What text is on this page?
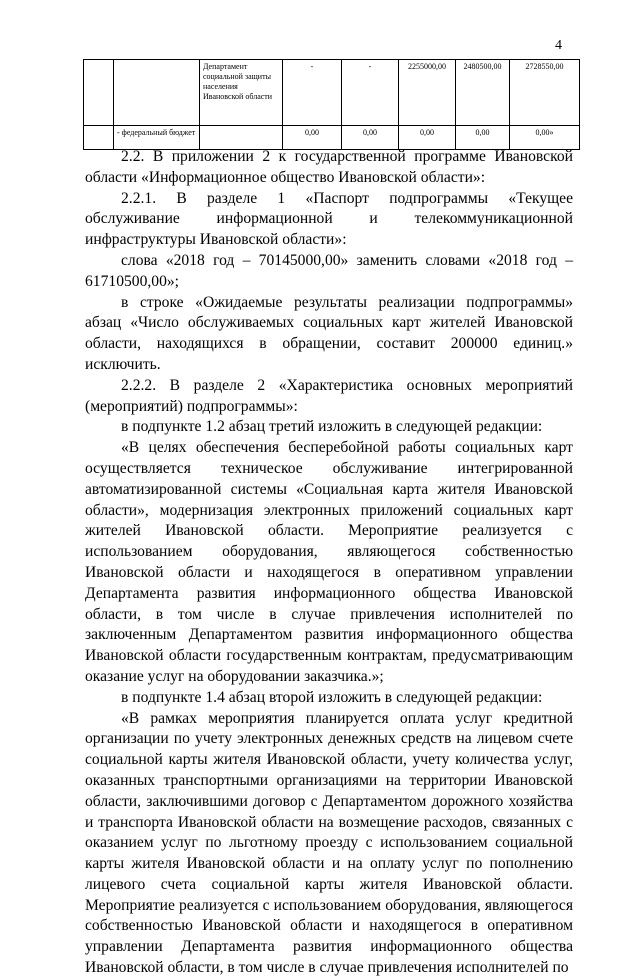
4
		Департамент социальной защиты населения Ивановской области	-	-	2255000,00	2480500,00	2728550,00
	- федеральный бюджет		0,00	0,00	0,00	0,00	0,00»

2.2. В приложении 2 к государственной программе Ивановской области «Информационное общество Ивановской области»:

2.2.1. В разделе 1 «Паспорт подпрограммы «Текущее обслуживание информационной и телекоммуникационной инфраструктуры Ивановской области»:

слова «2018 год – 70145000,00» заменить словами «2018 год – 61710500,00»;

в строке «Ожидаемые результаты реализации подпрограммы» абзац «Число обслуживаемых социальных карт жителей Ивановской области, находящихся в обращении, составит 200000 единиц.» исключить.

2.2.2. В разделе 2 «Характеристика основных мероприятий (мероприятий) подпрограммы»:

в подпункте 1.2 абзац третий изложить в следующей редакции:

«В целях обеспечения бесперебойной работы социальных карт осуществляется техническое обслуживание интегрированной автоматизированной системы «Социальная карта жителя Ивановской области», модернизация электронных приложений социальных карт жителей Ивановской области. Мероприятие реализуется с использованием оборудования, являющегося собственностью Ивановской области и находящегося в оперативном управлении Департамента развития информационного общества Ивановской области, в том числе в случае привлечения исполнителей по заключенным Департаментом развития информационного общества Ивановской области государственным контрактам, предусматривающим оказание услуг на оборудовании заказчика.»;

в подпункте 1.4 абзац второй изложить в следующей редакции:

«В рамках мероприятия планируется оплата услуг кредитной организации по учету электронных денежных средств на лицевом счете социальной карты жителя Ивановской области, учету количества услуг, оказанных транспортными организациями на территории Ивановской области, заключившими договор с Департаментом дорожного хозяйства и транспорта Ивановской области на возмещение расходов, связанных с оказанием услуг по льготному проезду с использованием социальной карты жителя Ивановской области и на оплату услуг по пополнению лицевого счета социальной карты жителя Ивановской области. Мероприятие реализуется с использованием оборудования, являющегося собственностью Ивановской области и находящегося в оперативном управлении Департамента развития информационного общества Ивановской области, в том числе в случае привлечения исполнителей по
